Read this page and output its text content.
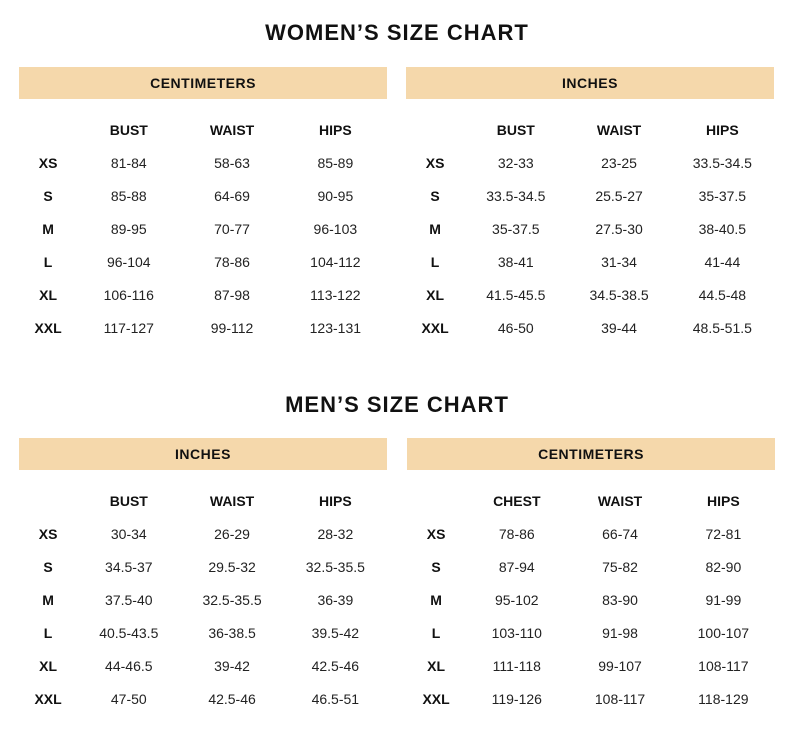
WOMEN’S SIZE CHART
CENTIMETERS
	BUST	WAIST	HIPS
XS	81-84	58-63	85-89
S	85-88	64-69	90-95
M	89-95	70-77	96-103
L	96-104	78-86	104-112
XL	106-116	87-98	113-122
XXL	117-127	99-112	123-131
INCHES
	BUST	WAIST	HIPS
XS	32-33	23-25	33.5-34.5
S	33.5-34.5	25.5-27	35-37.5
M	35-37.5	27.5-30	38-40.5
L	38-41	31-34	41-44
XL	41.5-45.5	34.5-38.5	44.5-48
XXL	46-50	39-44	48.5-51.5
MEN’S SIZE CHART
INCHES
	BUST	WAIST	HIPS
XS	30-34	26-29	28-32
S	34.5-37	29.5-32	32.5-35.5
M	37.5-40	32.5-35.5	36-39
L	40.5-43.5	36-38.5	39.5-42
XL	44-46.5	39-42	42.5-46
XXL	47-50	42.5-46	46.5-51
CENTIMETERS
	CHEST	WAIST	HIPS
XS	78-86	66-74	72-81
S	87-94	75-82	82-90
M	95-102	83-90	91-99
L	103-110	91-98	100-107
XL	111-118	99-107	108-117
XXL	119-126	108-117	118-129
